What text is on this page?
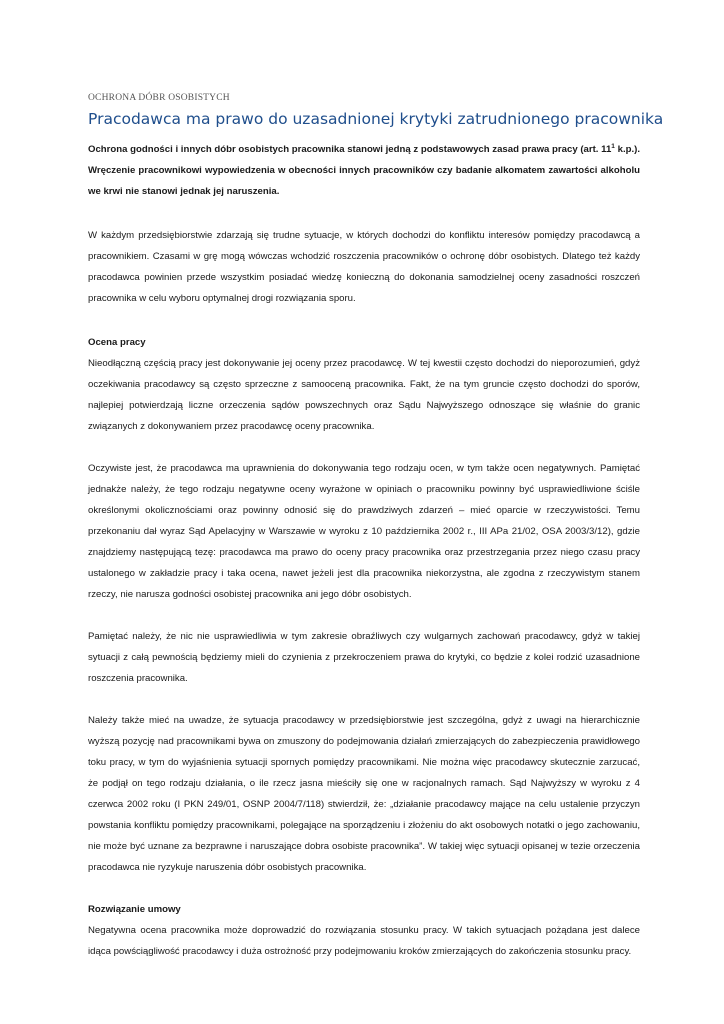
OCHRONA DÓBR OSOBISTYCH
Pracodawca ma prawo do uzasadnionej krytyki zatrudnionego pracownika

Ochrona godności i innych dóbr osobistych pracownika stanowi jedną z podstawowych zasad prawa pracy (art. $11^1$ k.p.). Wręczenie pracownikowi wypowiedzenia w obecności innych pracowników czy badanie alkomatem zawartości alkoholu we krwi nie stanowi jednak jej naruszenia.

W każdym przedsiębiorstwie zdarzają się trudne sytuacje, w których dochodzi do konfliktu interesów pomiędzy pracodawcą a pracownikiem. Czasami w grę mogą wówczas wchodzić roszczenia pracowników o ochronę dóbr osobistych. Dlatego też każdy pracodawca powinien przede wszystkim posiadać wiedzę konieczną do dokonania samodzielnej oceny zasadności roszczeń pracownika w celu wyboru optymalnej drogi rozwiązania sporu.

Ocena pracy

Nieodłączną częścią pracy jest dokonywanie jej oceny przez pracodawcę. W tej kwestii często dochodzi do nieporozumień, gdyż oczekiwania pracodawcy są często sprzeczne z samooceną pracownika. Fakt, że na tym gruncie często dochodzi do sporów, najlepiej potwierdzają liczne orzeczenia sądów powszechnych oraz Sądu Najwyższego odnoszące się właśnie do granic związanych z dokonywaniem przez pracodawcę oceny pracownika.

Oczywiste jest, że pracodawca ma uprawnienia do dokonywania tego rodzaju ocen, w tym także ocen negatywnych. Pamiętać jednakże należy, że tego rodzaju negatywne oceny wyrażone w opiniach o pracowniku powinny być usprawiedliwione ściśle określonymi okolicznościami oraz powinny odnosić się do prawdziwych zdarzeń – mieć oparcie w rzeczywistości. Temu przekonaniu dał wyraz Sąd Apelacyjny w Warszawie w wyroku z 10 października 2002 r., III APa 21/02, OSA 2003/3/12), gdzie znajdziemy następującą tezę: pracodawca ma prawo do oceny pracy pracownika oraz przestrzegania przez niego czasu pracy ustalonego w zakładzie pracy i taka ocena, nawet jeżeli jest dla pracownika niekorzystna, ale zgodna z rzeczywistym stanem rzeczy, nie narusza godności osobistej pracownika ani jego dóbr osobistych.

Pamiętać należy, że nic nie usprawiedliwia w tym zakresie obraźliwych czy wulgarnych zachowań pracodawcy, gdyż w takiej sytuacji z całą pewnością będziemy mieli do czynienia z przekroczeniem prawa do krytyki, co będzie z kolei rodzić uzasadnione roszczenia pracownika.

Należy także mieć na uwadze, że sytuacja pracodawcy w przedsiębiorstwie jest szczególna, gdyż z uwagi na hierarchicznie wyższą pozycję nad pracownikami bywa on zmuszony do podejmowania działań zmierzających do zabezpieczenia prawidłowego toku pracy, w tym do wyjaśnienia sytuacji spornych pomiędzy pracownikami. Nie można więc pracodawcy skutecznie zarzucać, że podjął on tego rodzaju działania, o ile rzecz jasna mieściły się one w racjonalnych ramach. Sąd Najwyższy w wyroku z 4 czerwca 2002 roku (I PKN 249/01, OSNP 2004/7/118) stwierdził, że: „działanie pracodawcy mające na celu ustalenie przyczyn powstania konfliktu pomiędzy pracownikami, polegające na sporządzeniu i złożeniu do akt osobowych notatki o jego zachowaniu, nie może być uznane za bezprawne i naruszające dobra osobiste pracownika”. W takiej więc sytuacji opisanej w tezie orzeczenia pracodawca nie ryzykuje naruszenia dóbr osobistych pracownika.

Rozwiązanie umowy

Negatywna ocena pracownika może doprowadzić do rozwiązania stosunku pracy. W takich sytuacjach pożądana jest dalece idąca powściągliwość pracodawcy i duża ostrożność przy podejmowaniu kroków zmierzających do zakończenia stosunku pracy.
